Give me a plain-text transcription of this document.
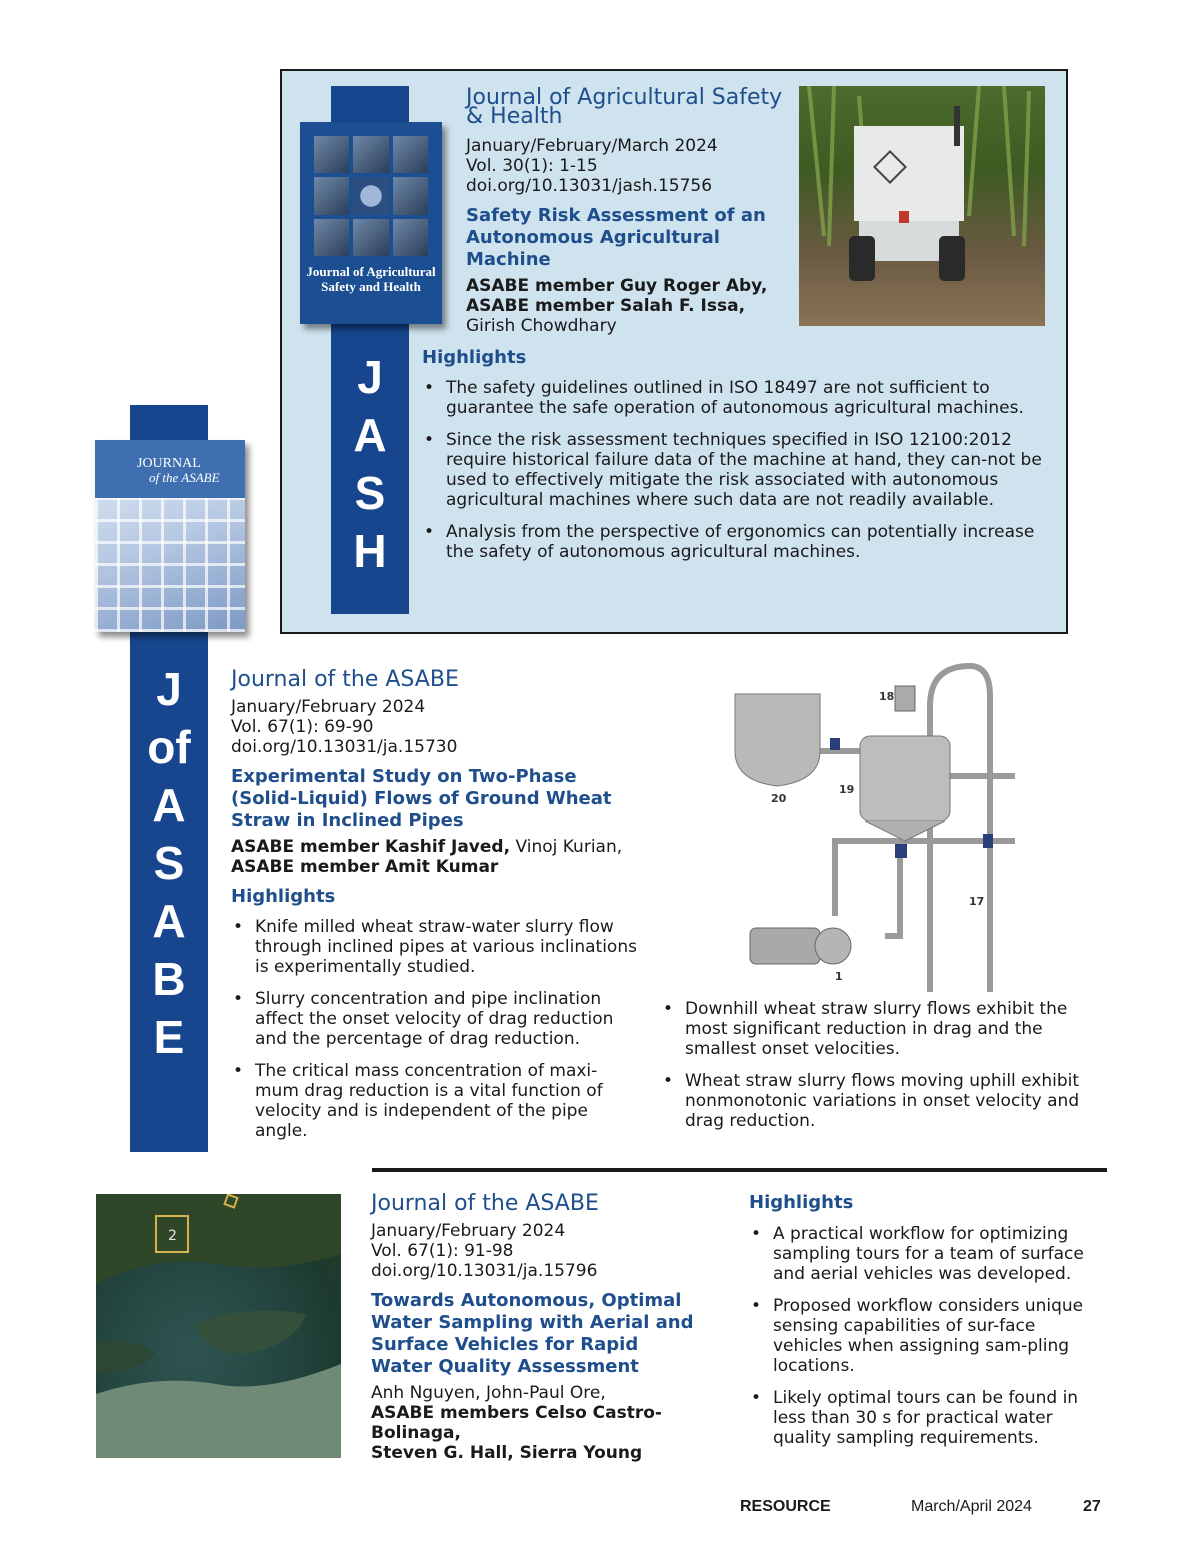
J
A
S
H
Journal of Agricultural Safety and Health
Journal of Agricultural Safety & Health
January/February/March 2024
Vol. 30(1): 1-15
doi.org/10.13031/jash.15756
Safety Risk Assessment of an Autonomous Agricultural Machine
ASABE member Guy Roger Aby,
ASABE member Salah F. Issa,
Girish Chowdhary
Highlights
• The safety guidelines outlined in ISO 18497 are not sufficient to guarantee the safe operation of autonomous agricultural machines.
• Since the risk assessment techniques specified in ISO 12100:2012 require historical failure data of the machine at hand, they can-not be used to effectively mitigate the risk associated with autonomous agricultural machines where such data are not readily available.
• Analysis from the perspective of ergonomics can potentially increase the safety of autonomous agricultural machines.
J
of
A
S
A
B
E
JOURNAL
of the ASABE
Journal of the ASABE
January/February 2024
Vol. 67(1): 69-90
doi.org/10.13031/ja.15730
Experimental Study on Two-Phase (Solid-Liquid) Flows of Ground Wheat Straw in Inclined Pipes
ASABE member Kashif Javed, Vinoj Kurian,
ASABE member Amit Kumar
Highlights
• Knife milled wheat straw-water slurry flow through inclined pipes at various inclinations is experimentally studied.
• Slurry concentration and pipe inclination affect the onset velocity of drag reduction and the percentage of drag reduction.
• The critical mass concentration of maxi-mum drag reduction is a vital function of velocity and is independent of the pipe angle.
18
20
19
17
1
• Downhill wheat straw slurry flows exhibit the most significant reduction in drag and the smallest onset velocities.
• Wheat straw slurry flows moving uphill exhibit nonmonotonic variations in onset velocity and drag reduction.
2
Journal of the ASABE
January/February 2024
Vol. 67(1): 91-98
doi.org/10.13031/ja.15796
Towards Autonomous, Optimal Water Sampling with Aerial and Surface Vehicles for Rapid Water Quality Assessment
Anh Nguyen, John-Paul Ore,
ASABE members Celso Castro-Bolinaga,
Steven G. Hall, Sierra Young
Highlights
• A practical workflow for optimizing sampling tours for a team of surface and aerial vehicles was developed.
• Proposed workflow considers unique sensing capabilities of sur-face vehicles when assigning sam-pling locations.
• Likely optimal tours can be found in less than 30 s for practical water quality sampling requirements.
RESOURCE	March/April 2024	27
